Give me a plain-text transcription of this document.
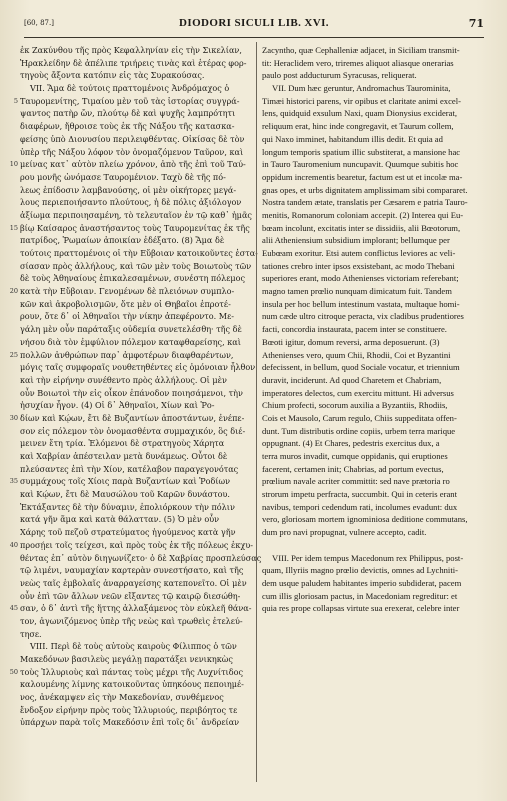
[60, 87.]	DIODORI SICULI LIB. XVI.	71
ἐκ Ζακύνθου τῆς πρὸς Κεφαλληνίαν εἰς τὴν Σικελίαν,
Ἡρακλείδην δὲ ἀπέλιπε τριήρεις τινὰς καὶ ἑτέρας φορ-
τηγοὺς ἄξοντα κατόπιν εἰς τὰς Συρακούσας.
VII. Ἅμα δὲ τούτοις πραττομένοις Ἀνδρόμαχος ὁ
5 Ταυρομενίτης, Τιμαίου μὲν τοῦ τὰς ἱστορίας συγγρά-
ψαντος πατὴρ ὤν, πλούτῳ δὲ καὶ ψυχῆς λαμπρότητι
διαφέρων, ἤθροισε τοὺς ἐκ τῆς Νάξου τῆς κατασκα-
φείσης ὑπὸ Διονυσίου περιλειφθέντας. Οἰκίσας δὲ τὸν
ὑπὲρ τῆς Νάξου λόφον τὸν ὀνομαζόμενον Ταῦρον, καὶ
10 μείνας κατ᾽ αὐτὸν πλείω χρόνον, ἀπὸ τῆς ἐπὶ τοῦ Ταύ-
ρου μονῆς ὠνόμασε Ταυρομένιον. Ταχὺ δὲ τῆς πό-
λεως ἐπίδοσιν λαμβανούσης, οἱ μὲν οἰκήτορες μεγά-
λους περιεποιήσαντο πλούτους, ἡ δὲ πόλις ἀξιόλογον
ἀξίωμα περιποιησαμένη, τὸ τελευταῖον ἐν τῷ καθ᾽ ἡμᾶς
15 βίῳ Καίσαρος ἀναστήσαντος τοὺς Ταυρομενίτας ἐκ τῆς
πατρίδος, Ῥωμαίων ἀποικίαν ἐδέξατο. (8) Ἅμα δὲ
τούτοις πραττομένοις οἱ τὴν Εὔβοιαν κατοικοῦντες ἐστα-
σίασαν πρὸς ἀλλήλους, καὶ τῶν μὲν τοὺς Βοιωτοὺς τῶν
δὲ τοὺς Ἀθηναίους ἐπικαλεσαμένων, συνέστη πόλεμος
20 κατὰ τὴν Εὔβοιαν. Γενομένων δὲ πλειόνων συμπλο-
κῶν καὶ ἀκροβολισμῶν, ὅτε μὲν οἱ Θηβαῖοι ἐπροτέ-
ρουν, ὅτε δ᾽ οἱ Ἀθηναῖοι τὴν νίκην ἀπεφέροντο. Με-
γάλη μὲν οὖν παράταξις οὐδεμία συνετελέσθη· τῆς δὲ
νήσου διὰ τὸν ἐμφύλιον πόλεμον καταφθαρείσης, καὶ
25 πολλῶν ἀνθρώπων παρ᾽ ἀμφοτέρων διαφθαρέντων,
μόγις ταῖς συμφοραῖς νουθετηθέντες εἰς ὁμόνοιαν ἦλθον
καὶ τὴν εἰρήνην συνέθεντο πρὸς ἀλλήλους. Οἱ μὲν
οὖν Βοιωτοὶ τὴν εἰς οἶκον ἐπάνοδον ποιησάμενοι, τὴν
ἡσυχίαν ἦγον. (4) Οἱ δ᾽ Ἀθηναῖοι, Χίων καὶ Ῥο-
30 δίων καὶ Κῴων, ἔτι δὲ Βυζαντίων ἀποστάντων, ἐνέπε-
σον εἰς πόλεμον τὸν ὀνομασθέντα συμμαχικόν, ὃς διέ-
μεινεν ἔτη τρία. Ἑλόμενοι δὲ στρατηγοὺς Χάρητα
καὶ Χαβρίαν ἀπέστειλαν μετὰ δυνάμεως. Οὗτοι δὲ
πλεύσαντες ἐπὶ τὴν Χίον, κατέλαβον παραγεγονότας
35 συμμάχους τοῖς Χίοις παρὰ Βυζαντίων καὶ Ῥοδίων
καὶ Κῴων, ἔτι δὲ Μαυσώλου τοῦ Καρῶν δυνάστου.
Ἐκτάξαντες δὲ τὴν δύναμιν, ἐπολιόρκουν τὴν πόλιν
κατά γῆν ἅμα καὶ κατὰ θάλατταν. (5) Ὁ μὲν οὖν
Χάρης τοῦ πεζοῦ στρατεύματος ἡγούμενος κατὰ γῆν
40 προσῄει τοῖς τείχεσι, καὶ πρὸς τοὺς ἐκ τῆς πόλεως ἐκχυ-
θέντας ἐπ᾽ αὐτὸν διηγωνίζετο· ὁ δὲ Χαβρίας προσπλεύσας
τῷ λιμένι, ναυμαχίαν καρτερὰν συνεστήσατο, καὶ τῆς
νεὼς ταῖς ἐμβολαῖς ἀναρραγείσης κατεπονεῖτο. Οἱ μὲν
οὖν ἐπὶ τῶν ἄλλων νεῶν εἴξαντες τῷ καιρῷ διεσώθη-
45 σαν, ὁ δ᾽ ἀντὶ τῆς ἥττης ἀλλαξάμενος τὸν εὐκλεῆ θάνα-
τον, ἀγωνιζόμενος ὑπὲρ τῆς νεὼς καὶ τρωθεὶς ἐτελεύ-
τησε.
VIII. Περὶ δὲ τοὺς αὐτοὺς καιροὺς Φίλιππος ὁ τῶν
Μακεδόνων βασιλεὺς μεγάλῃ παρατάξει νενικηκὼς
50 τοὺς Ἰλλυριοὺς καὶ πάντας τοὺς μέχρι τῆς Λυχνίτιδος
καλουμένης λίμνης κατοικοῦντας ὑπηκόους πεποιημέ-
νος, ἀνέκαμψεν εἰς τὴν Μακεδονίαν, συνθέμενος
ἔνδοξον εἰρήνην πρὸς τοὺς Ἰλλυριούς, περιβόητος τε
ὑπάρχων παρὰ τοῖς Μακεδόσιν ἐπὶ τοῖς δι᾽ ἀνδρείαν
Zacyntho, quæ Cephalleniæ adjacet, in Siciliam transmit-
tit: Heraclidem vero, triremes aliquot aliasque onerarias
paulo post adducturum Syracusas, reliquerat.
VII. Dum hæc geruntur, Andromachus Taurominita,
Timæi historici parens, vir opibus et claritate animi excel-
lens, quidquid exsulum Naxi, quam Dionysius exciderat,
reliquum erat, hinc inde congregavit, et Taurum collem,
qui Naxo imminet, habitandum illis dedit. Et quia ad
longum temporis spatium illic substiterat, a mansione hac
in Tauro Tauromenium nuncupavit. Quumque subitis hoc
oppidum incrementis bearetur, factum est ut et incolæ ma-
gnas opes, et urbs dignitatem amplissimam sibi compararet.
Nostra tandem ætate, translatis per Cæsarem e patria Tauro-
menitis, Romanorum coloniam accepit. (2) Interea qui Eu-
bœam incolunt, excitatis inter se dissidiis, alii Bœotorum,
alii Atheniensium subsidium implorant; bellumque per
Eubœam exoritur. Etsi autem conflictus leviores ac veli-
tationes crebro inter ipsos exsistebant, ac modo Thebani
superiores erant, modo Athenienses victoriam referebant;
magno tamen prœlio nunquam dimicatum fuit. Tandem
insula per hoc bellum intestinum vastata, multaque homi-
num cæde ultro citroque peracta, vix cladibus prudentiores
facti, concordia instaurata, pacem inter se constituere.
Bœoti igitur, domum reversi, arma deposuerunt. (3)
Athenienses vero, quum Chii, Rhodii, Coi et Byzantini
defecissent, in bellum, quod Sociale vocatur, et triennium
duravit, inciderunt. Ad quod Charetem et Chabriam,
imperatores delectos, cum exercitu mittunt. Hi adversus
Chium profecti, socorum auxilia a Byzantiis, Rhodiis,
Cois et Mausolo, Carum regulo, Chiis suppeditata offen-
dunt. Tum distributis ordine copiis, urbem terra marique
oppugnant. (4) Et Chares, pedestris exercitus dux, a
terra muros invadit, cumque oppidanis, qui eruptiones
facerent, certamen init; Chabrias, ad portum evectus,
prœlium navale acriter committit: sed nave prætoria ro
strorum impetu perfracta, succumbit. Qui in ceteris erant
navibus, tempori cedendum rati, incolumes evadunt: dux
vero, gloriosam mortem ignominiosa deditione commutans,
dum pro navi propugnat, vulnere accepto, cadit.
VIII. Per idem tempus Macedonum rex Philippus, post-
quam, Illyriis magno prœlio devictis, omnes ad Lychniti-
dem usque paludem habitantes imperio subdiderat, pacem
cum illis gloriosam pactus, in Macedoniam regreditur: et
quia res prope collapsas virtute sua erexerat, celebre inter
